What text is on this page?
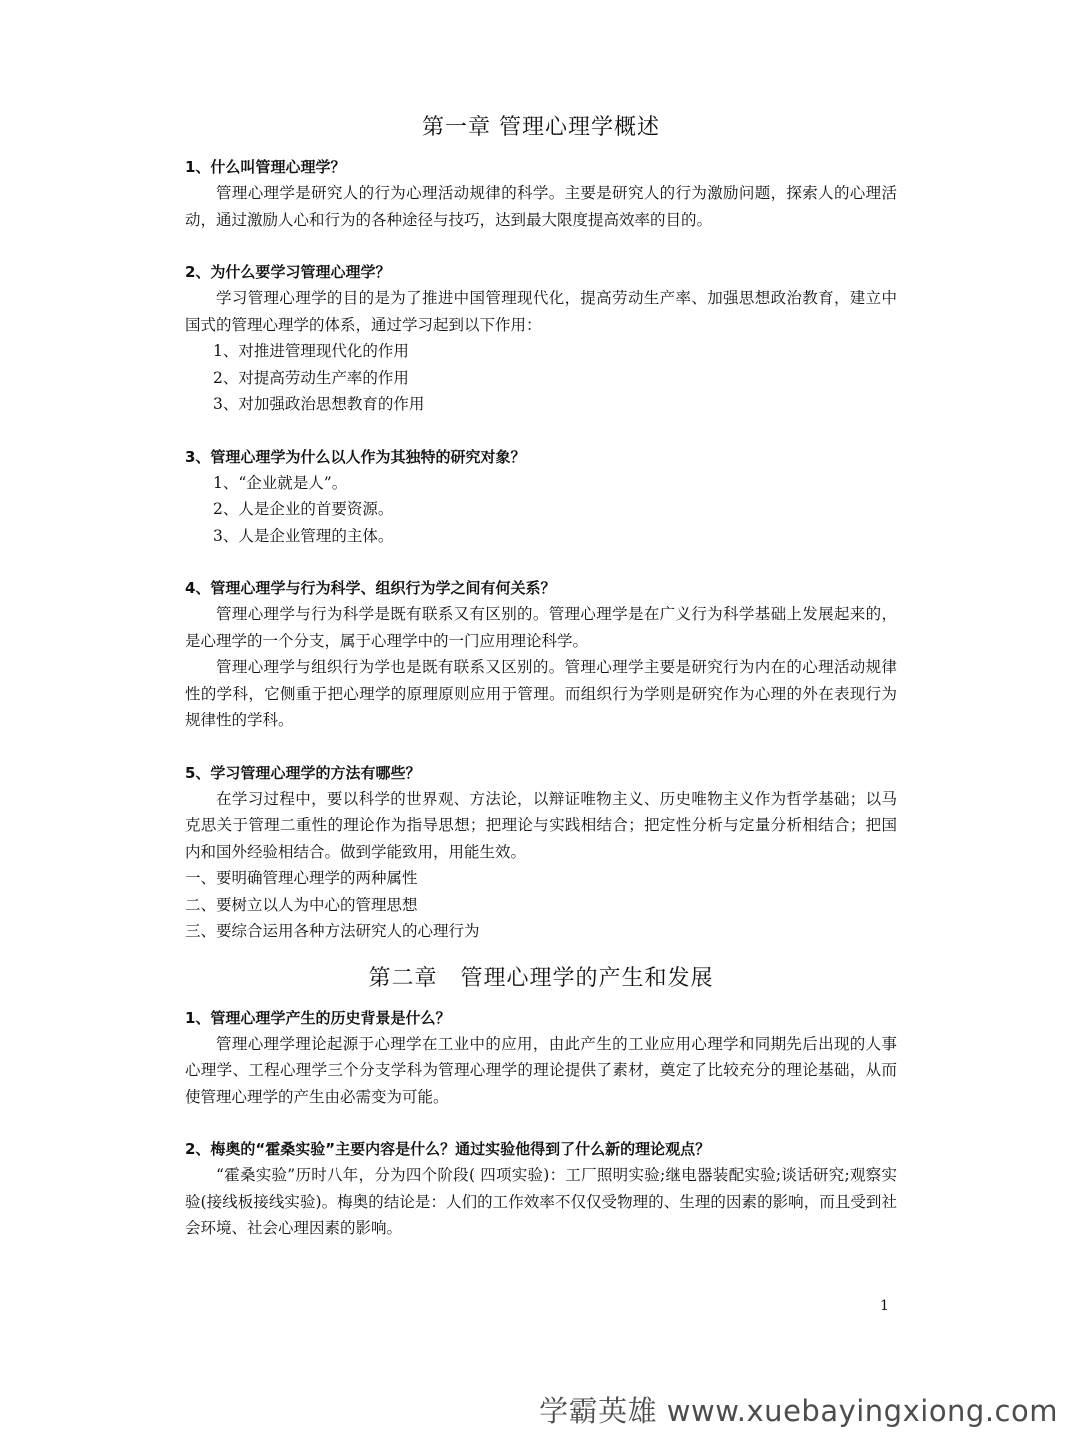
第一章 管理心理学概述

1、什么叫管理心理学？

管理心理学是研究人的行为心理活动规律的科学。主要是研究人的行为激励问题，探索人的心理活动，通过激励人心和行为的各种途径与技巧，达到最大限度提高效率的目的。

2、为什么要学习管理心理学？

学习管理心理学的目的是为了推进中国管理现代化，提高劳动生产率、加强思想政治教育，建立中国式的管理心理学的体系，通过学习起到以下作用：

1、对推进管理现代化的作用

2、对提高劳动生产率的作用

3、对加强政治思想教育的作用

3、管理心理学为什么以人作为其独特的研究对象？

1、“企业就是人”。

2、人是企业的首要资源。

3、人是企业管理的主体。

4、管理心理学与行为科学、组织行为学之间有何关系？

管理心理学与行为科学是既有联系又有区别的。管理心理学是在广义行为科学基础上发展起来的，是心理学的一个分支，属于心理学中的一门应用理论科学。

管理心理学与组织行为学也是既有联系又区别的。管理心理学主要是研究行为内在的心理活动规律性的学科，它侧重于把心理学的原理原则应用于管理。而组织行为学则是研究作为心理的外在表现行为规律性的学科。

5、学习管理心理学的方法有哪些？

在学习过程中，要以科学的世界观、方法论，以辩证唯物主义、历史唯物主义作为哲学基础；以马克思关于管理二重性的理论作为指导思想；把理论与实践相结合；把定性分析与定量分析相结合；把国内和国外经验相结合。做到学能致用，用能生效。

一、要明确管理心理学的两种属性

二、要树立以人为中心的管理思想

三、要综合运用各种方法研究人的心理行为

第二章　管理心理学的产生和发展

1、管理心理学产生的历史背景是什么？

管理心理学理论起源于心理学在工业中的应用，由此产生的工业应用心理学和同期先后出现的人事心理学、工程心理学三个分支学科为管理心理学的理论提供了素材，奠定了比较充分的理论基础，从而使管理心理学的产生由必需变为可能。

2、梅奥的“霍桑实验”主要内容是什么？通过实验他得到了什么新的理论观点？

“霍桑实验”历时八年，分为四个阶段( 四项实验)：工厂照明实验;继电器装配实验;谈话研究;观察实验(接线板接线实验)。梅奥的结论是：人们的工作效率不仅仅受物理的、生理的因素的影响，而且受到社会环境、社会心理因素的影响。

1
学霸英雄 www.xuebayingxiong.com
